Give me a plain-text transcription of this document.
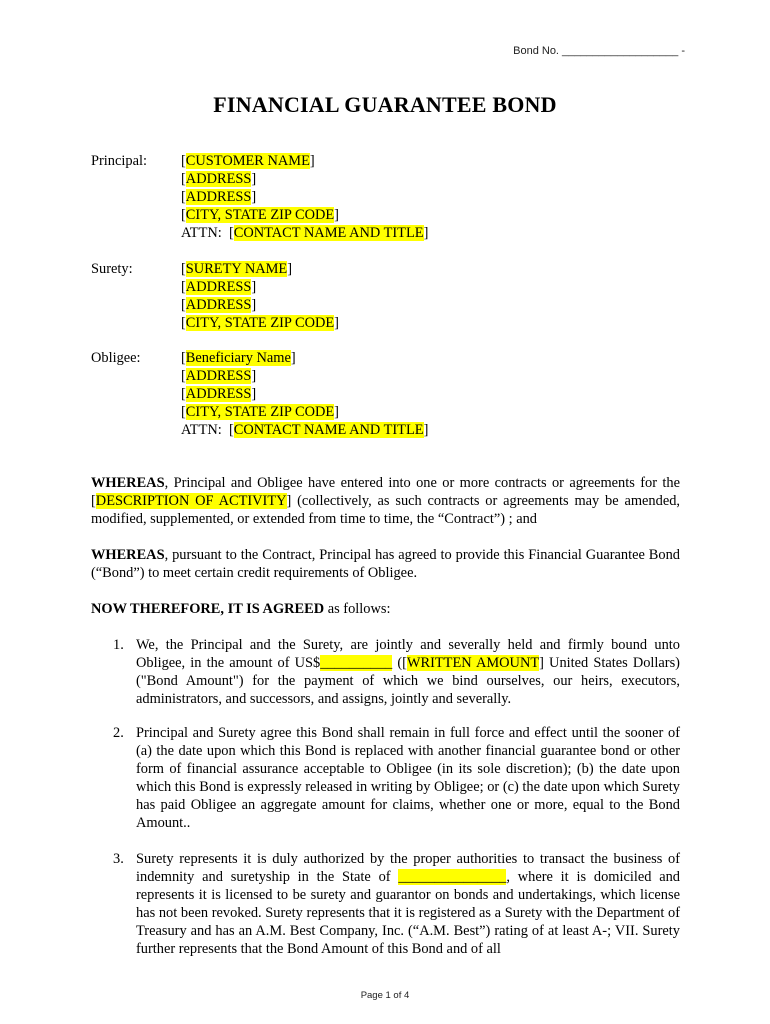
Bond No. ___________________ -
FINANCIAL GUARANTEE BOND
Principal:	[CUSTOMER NAME]
[ADDRESS]
[ADDRESS]
[CITY, STATE ZIP CODE]
ATTN:  [CONTACT NAME AND TITLE]
Surety:	[SURETY NAME]
[ADDRESS]
[ADDRESS]
[CITY, STATE ZIP CODE]
Obligee:	[Beneficiary Name]
[ADDRESS]
[ADDRESS]
[CITY, STATE ZIP CODE]
ATTN:  [CONTACT NAME AND TITLE]
WHEREAS, Principal and Obligee have entered into one or more contracts or agreements for the [DESCRIPTION OF ACTIVITY] (collectively, as such contracts or agreements may be amended, modified, supplemented, or extended from time to time, the “Contract”) ; and
WHEREAS, pursuant to the Contract, Principal has agreed to provide this Financial Guarantee Bond (“Bond”) to meet certain credit requirements of Obligee.
NOW THEREFORE, IT IS AGREED as follows:
1. We, the Principal and the Surety, are jointly and severally held and firmly bound unto Obligee, in the amount of US$__________ ([WRITTEN AMOUNT] United States Dollars) ("Bond Amount") for the payment of which we bind ourselves, our heirs, executors, administrators, and successors, and assigns, jointly and severally.
2. Principal and Surety agree this Bond shall remain in full force and effect until the sooner of (a) the date upon which this Bond is replaced with another financial guarantee bond or other form of financial assurance acceptable to Obligee (in its sole discretion); (b) the date upon which this Bond is expressly released in writing by Obligee; or (c) the date upon which Surety has paid Obligee an aggregate amount for claims, whether one or more, equal to the Bond Amount..
3. Surety represents it is duly authorized by the proper authorities to transact the business of indemnity and suretyship in the State of _______________, where it is domiciled and represents it is licensed to be surety and guarantor on bonds and undertakings, which license has not been revoked. Surety represents that it is registered as a Surety with the Department of Treasury and has an A.M. Best Company, Inc. (“A.M. Best”) rating of at least A-; VII. Surety further represents that the Bond Amount of this Bond and of all
Page 1 of 4
